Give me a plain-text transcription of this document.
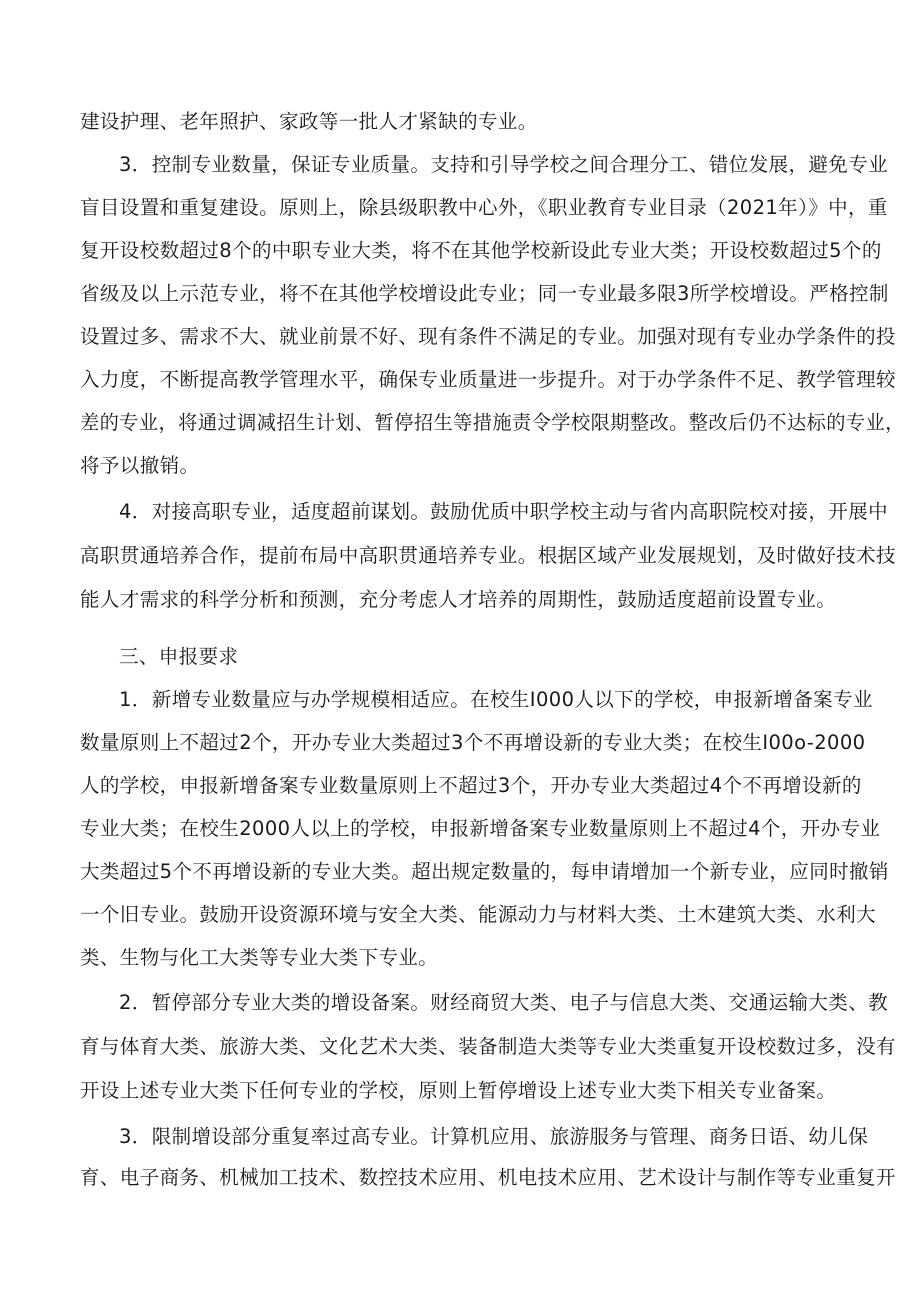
建设护理、老年照护、家政等一批人才紧缺的专业。
3．控制专业数量，保证专业质量。支持和引导学校之间合理分工、错位发展，避免专业
盲目设置和重复建设。原则上，除县级职教中心外，《职业教育专业目录（2021年）》中，重
复开设校数超过8个的中职专业大类，将不在其他学校新设此专业大类；开设校数超过5个的
省级及以上示范专业，将不在其他学校增设此专业；同一专业最多限3所学校增设。严格控制
设置过多、需求不大、就业前景不好、现有条件不满足的专业。加强对现有专业办学条件的投
入力度，不断提高教学管理水平，确保专业质量进一步提升。对于办学条件不足、教学管理较
差的专业，将通过调减招生计划、暂停招生等措施责令学校限期整改。整改后仍不达标的专业，
将予以撤销。
4．对接高职专业，适度超前谋划。鼓励优质中职学校主动与省内高职院校对接，开展中
高职贯通培养合作，提前布局中高职贯通培养专业。根据区域产业发展规划，及时做好技术技
能人才需求的科学分析和预测，充分考虑人才培养的周期性，鼓励适度超前设置专业。
三、申报要求
1．新增专业数量应与办学规模相适应。在校生I000人以下的学校，申报新增备案专业
数量原则上不超过2个，开办专业大类超过3个不再增设新的专业大类；在校生I00o-2000
人的学校，申报新增备案专业数量原则上不超过3个，开办专业大类超过4个不再增设新的
专业大类；在校生2000人以上的学校，申报新增备案专业数量原则上不超过4个，开办专业
大类超过5个不再增设新的专业大类。超出规定数量的，每申请增加一个新专业，应同时撤销
一个旧专业。鼓励开设资源环境与安全大类、能源动力与材料大类、土木建筑大类、水利大
类、生物与化工大类等专业大类下专业。
2．暂停部分专业大类的增设备案。财经商贸大类、电子与信息大类、交通运输大类、教
育与体育大类、旅游大类、文化艺术大类、装备制造大类等专业大类重复开设校数过多，没有
开设上述专业大类下任何专业的学校，原则上暂停增设上述专业大类下相关专业备案。
3．限制增设部分重复率过高专业。计算机应用、旅游服务与管理、商务日语、幼儿保
育、电子商务、机械加工技术、数控技术应用、机电技术应用、艺术设计与制作等专业重复开
